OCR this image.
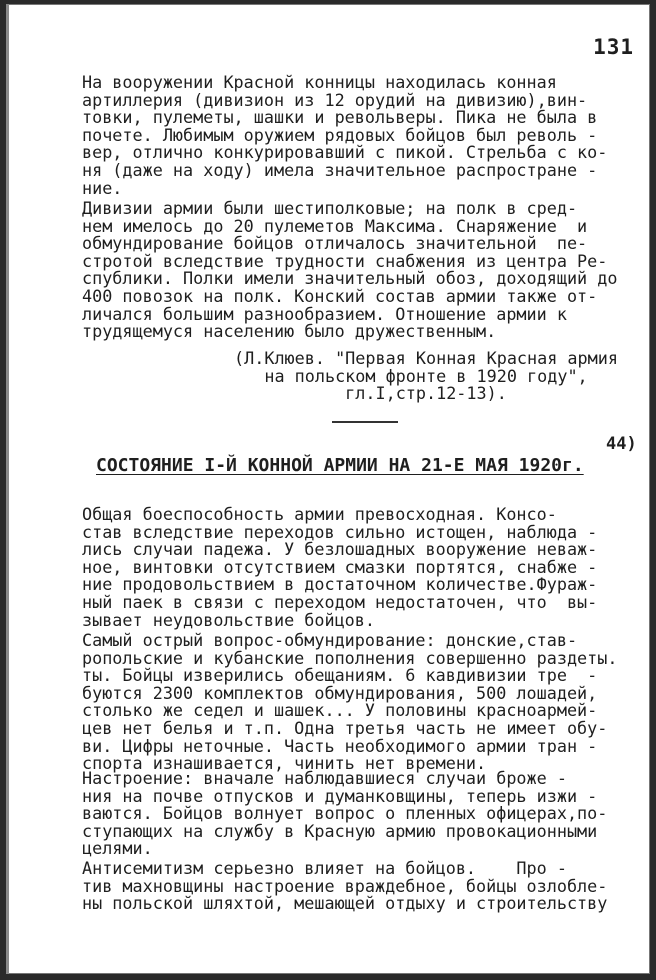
131
На вооружении Красной конницы находилась конная
артиллерия (дивизион из 12 орудий на дивизию),вин-
товки, пулеметы, шашки и револьверы. Пика не была в
почете. Любимым оружием рядовых бойцов был револь -
вер, отлично конкурировавший с пикой. Стрельба с ко-
ня (даже на ходу) имела значительное распростране -
ние.
Дивизии армии были шестиполковые; на полк в сред-
нем имелось до 20 пулеметов Максима. Снаряжение  и
обмундирование бойцов отличалось значительной  пе-
стротой вследствие трудности снабжения из центра Ре-
спублики. Полки имели значительный обоз, доходящий до
400 повозок на полк. Конский состав армии также от-
личался большим разнообразием. Отношение армии к
трудящемуся населению было дружественным.
(Л.Клюев. "Первая Конная Красная армия
на польском фронте в 1920 году",
гл.I,стр.12-13).
44)
СОСТОЯНИЕ I-Й КОННОЙ АРМИИ НА 21-Е МАЯ 1920г.
Общая боеспособность армии превосходная. Консо-
став вследствие переходов сильно истощен, наблюда -
лись случаи падежа. У безлошадных вооружение неваж-
ное, винтовки отсутствием смазки портятся, снабже -
ние продовольствием в достаточном количестве.Фураж-
ный паек в связи с переходом недостаточен, что  вы-
зывает неудовольствие бойцов.
Самый острый вопрос-обмундирование: донские,став-
ропольские и кубанские пополнения совершенно раздеты.
ты. Бойцы изверились обещаниям. 6 кавдивизии тре  -
буются 2300 комплектов обмундирования, 500 лошадей,
столько же седел и шашек... У половины красноармей-
цев нет белья и т.п. Одна третья часть не имеет обу-
ви. Цифры неточные. Часть необходимого армии тран -
спорта изнашивается, чинить нет времени.
Настроение: вначале наблюдавшиеся случаи броже -
ния на почве отпусков и думанковщины, теперь изжи -
ваются. Бойцов волнует вопрос о пленных офицерах,по-
ступающих на службу в Красную армию провокационными
целями.
Антисемитизм серьезно влияет на бойцов.    Про -
тив махновщины настроение враждебное, бойцы озлобле-
ны польской шляхтой, мешающей отдыху и строительству
